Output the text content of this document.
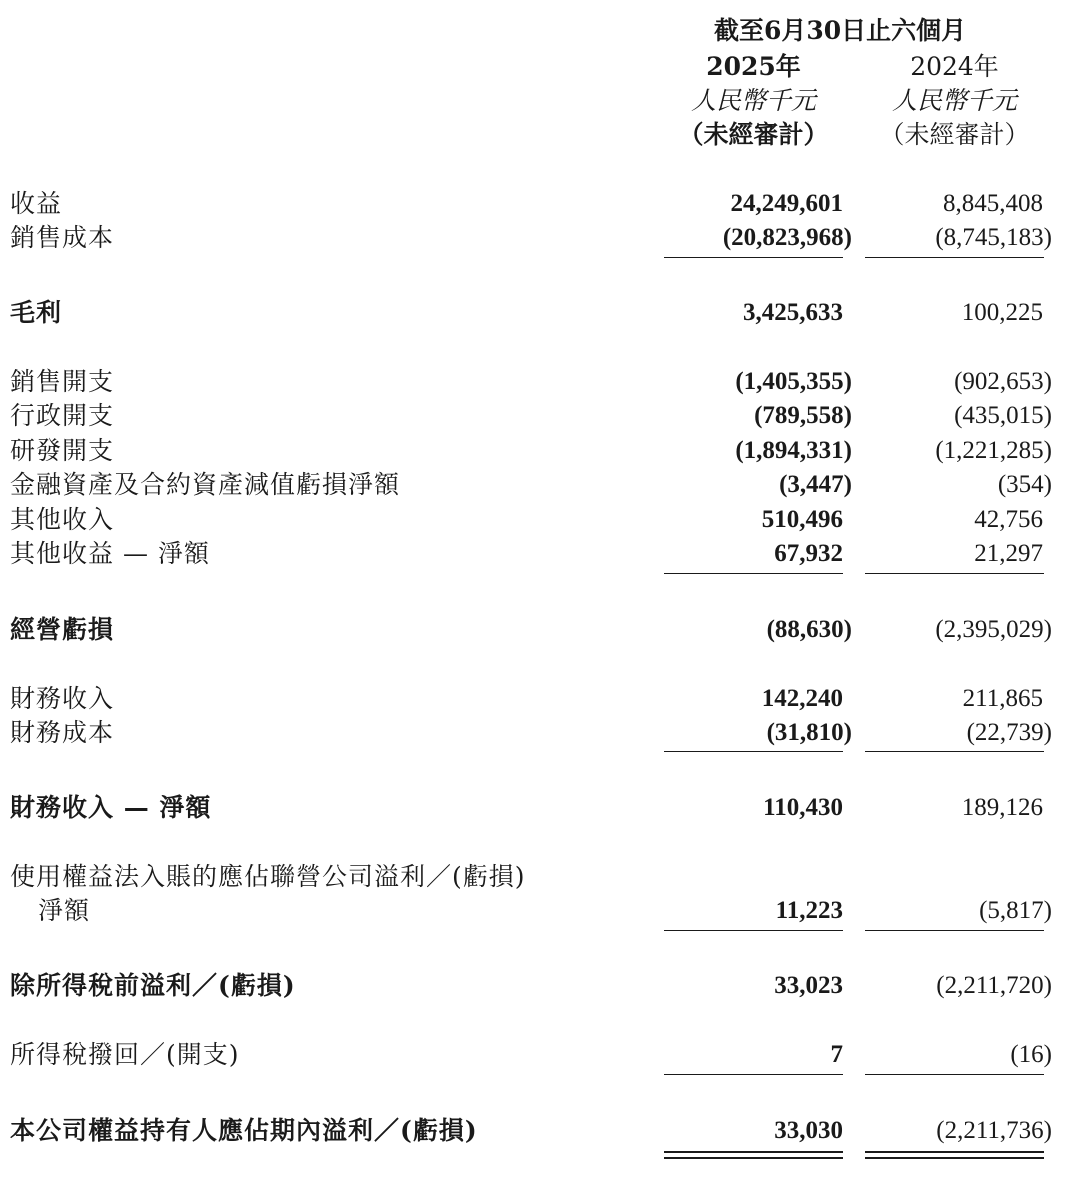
截至6月30日止六個月
2025年	2024年
人民幣千元	人民幣千元
（未經審計）	（未經審計）
收益	24,249,601	8,845,408
銷售成本	(20,823,968)	(8,745,183)
毛利	3,425,633	100,225
銷售開支	(1,405,355)	(902,653)
行政開支	(789,558)	(435,015)
研發開支	(1,894,331)	(1,221,285)
金融資產及合約資產減值虧損淨額	(3,447)	(354)
其他收入	510,496	42,756
其他收益 — 淨額	67,932	21,297
經營虧損	(88,630)	(2,395,029)
財務收入	142,240	211,865
財務成本	(31,810)	(22,739)
財務收入 — 淨額	110,430	189,126
使用權益法入賬的應佔聯營公司溢利／(虧損)
淨額	11,223	(5,817)
除所得稅前溢利／(虧損)	33,023	(2,211,720)
所得稅撥回／(開支)	7	(16)
本公司權益持有人應佔期內溢利／(虧損)	33,030	(2,211,736)
